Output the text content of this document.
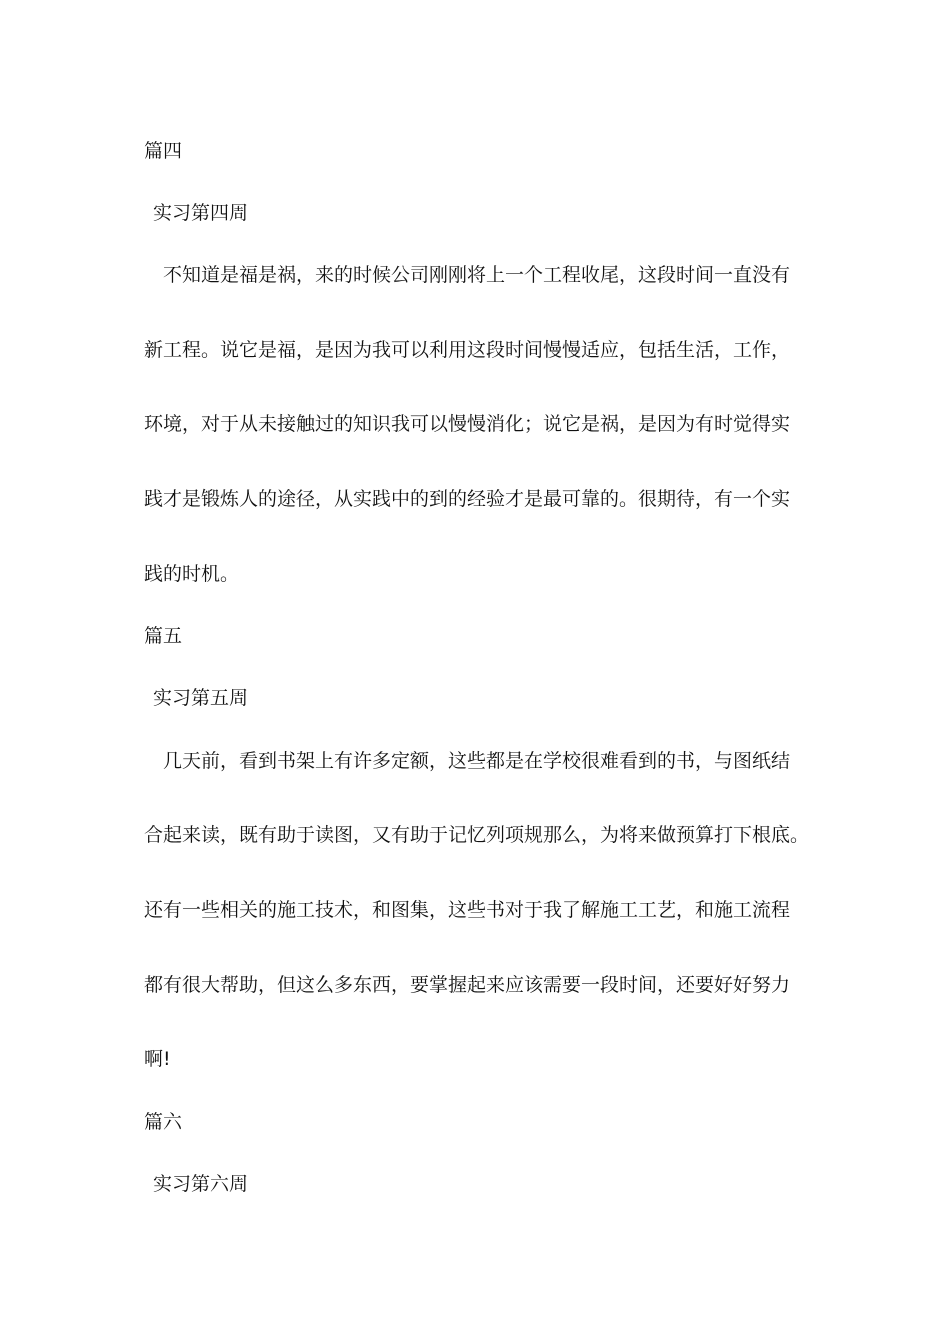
篇四
实习第四周
不知道是福是祸，来的时候公司刚刚将上一个工程收尾，这段时间一直没有
新工程。说它是福，是因为我可以利用这段时间慢慢适应，包括生活，工作，
环境，对于从未接触过的知识我可以慢慢消化；说它是祸，是因为有时觉得实
践才是锻炼人的途径，从实践中的到的经验才是最可靠的。很期待，有一个实
践的时机。
篇五
实习第五周
几天前，看到书架上有许多定额，这些都是在学校很难看到的书，与图纸结
合起来读，既有助于读图，又有助于记忆列项规那么，为将来做预算打下根底。
还有一些相关的施工技术，和图集，这些书对于我了解施工工艺，和施工流程
都有很大帮助，但这么多东西，要掌握起来应该需要一段时间，还要好好努力
啊!
篇六
实习第六周
